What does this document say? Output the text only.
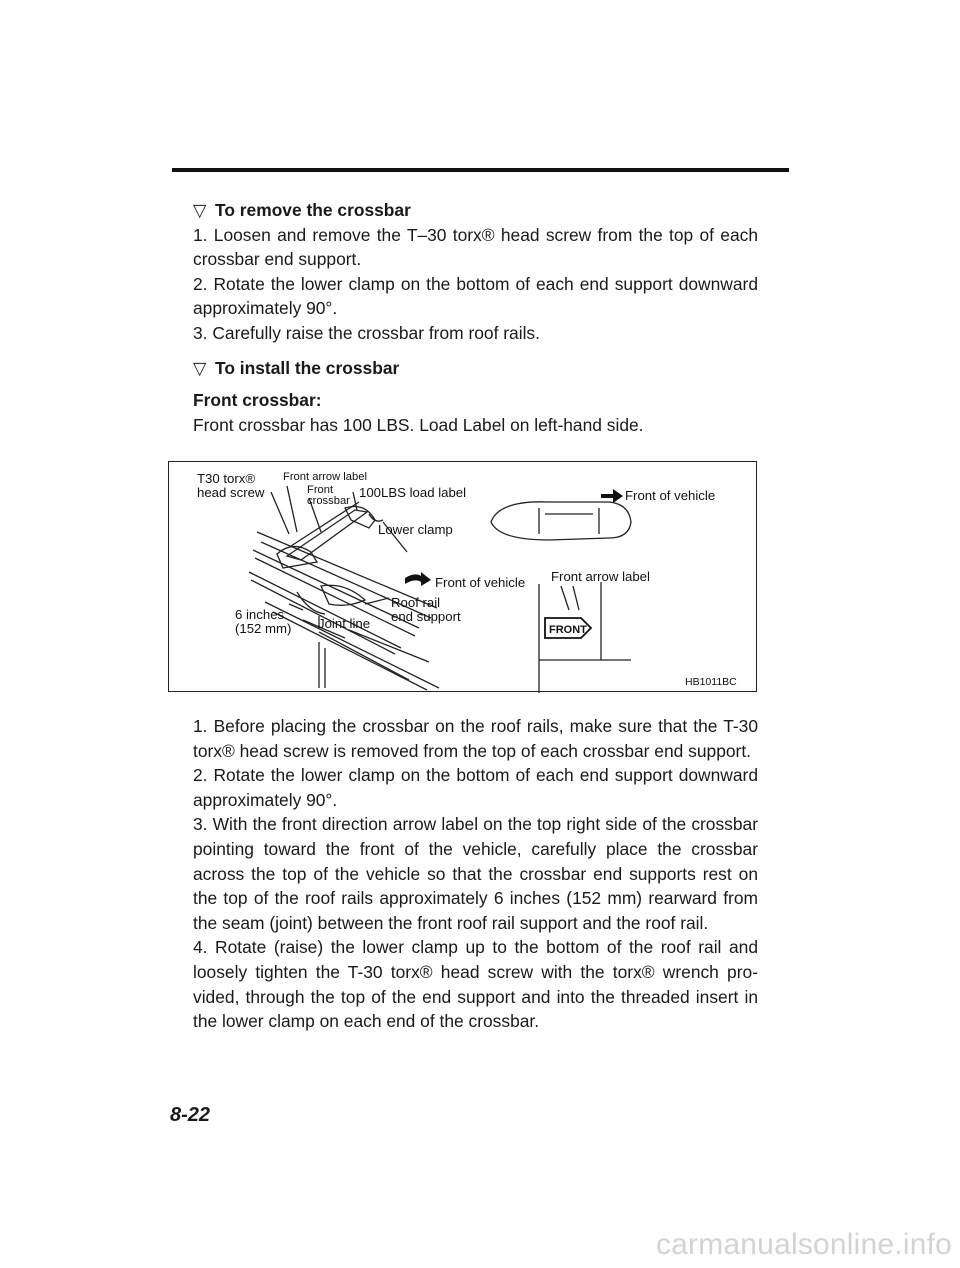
▽ To remove the crossbar

1. Loosen and remove the T–30 torx® head screw from the top of each crossbar end support.

2. Rotate the lower clamp on the bottom of each end support downward approximately 90°.

3. Carefully raise the crossbar from roof rails.

▽ To install the crossbar
Front crossbar:

Front crossbar has 100 LBS. Load Label on left-hand side.

FRONT
T30 torx®
head screw
Front arrow label
Front
crossbar
100LBS load label
Lower clamp
Front of vehicle
Front of vehicle Front arrow label
Roof rail
end support
6 inches
(152 mm) Joint line
HB1011BC

1. Before placing the crossbar on the roof rails, make sure that the T-30 torx® head screw is removed from the top of each crossbar end support.

2. Rotate the lower clamp on the bottom of each end support downward approximately 90°.

3. With the front direction arrow label on the top right side of the crossbar pointing toward the front of the vehicle, carefully place the crossbar across the top of the vehicle so that the crossbar end supports rest on the top of the roof rails approximately 6 inches (152 mm) rearward from the seam (joint) between the front roof rail support and the roof rail.

4. Rotate (raise) the lower clamp up to the bottom of the roof rail and loosely tighten the T-30 torx® head screw with the torx® wrench provided, through the top of the end support and into the threaded insert in the lower clamp on each end of the crossbar.

8-22
carmanualsonline.info
